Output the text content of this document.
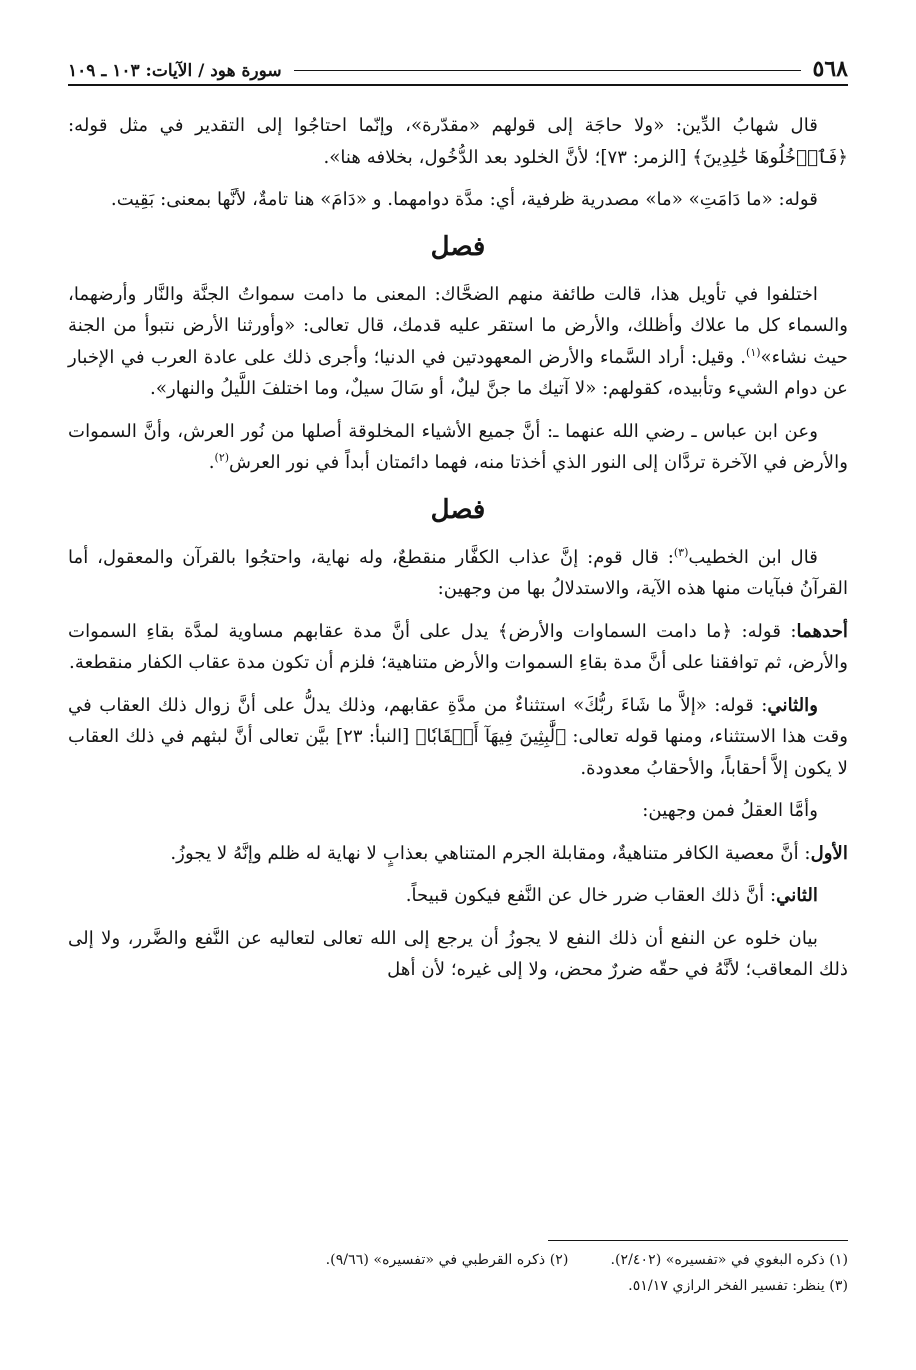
٥٦٨
سورة هود / الآيات: ١٠٣ ـ ١٠٩

قال شهابُ الدِّين: «ولا حاجَة إلى قولهم «مقدّرة»، وإنّما احتاجُوا إلى التقدير في مثل قوله: ﴿فَٱدۡخُلُوهَا خَٰلِدِينَ﴾ [الزمر: ٧٣]؛ لأنَّ الخلود بعد الدُّخُول، بخلافه هنا».

قوله: «ما دَامَتِ» «ما» مصدرية ظرفية، أي: مدَّة دوامهما. و «دَامَ» هنا تامةٌ، لأنَّها بمعنى: بَقِيت.

فصل

اختلفوا في تأويل هذا، قالت طائفة منهم الضحَّاك: المعنى ما دامت سمواتُ الجنَّة والنَّار وأرضهما، والسماء كل ما علاك وأظلك، والأرض ما استقر عليه قدمك، قال تعالى: «وأورثنا الأرض نتبوأ من الجنة حيث نشاء»$^{(١)}$. وقيل: أراد السَّماء والأرض المعهودتين في الدنيا؛ وأجرى ذلك على عادة العرب في الإخبار عن دوام الشيء وتأبيده، كقولهم: «لا آتيك ما جنَّ ليلٌ، أو سَالَ سيلٌ، وما اختلفَ اللَّيلُ والنهار».

وعن ابن عباس ـ رضي الله عنهما ـ: أنَّ جميع الأشياء المخلوقة أصلها من نُور العرش، وأنَّ السموات والأرض في الآخرة تردَّان إلى النور الذي أخذتا منه، فهما دائمتان أبداً في نور العرش$^{(٢)}$.

فصل

قال ابن الخطيب$^{(٣)}$: قال قوم: إنَّ عذاب الكفَّار منقطعٌ، وله نهاية، واحتجُوا بالقرآن والمعقول، أما القرآنُ فبآيات منها هذه الآية، والاستدلالُ بها من وجهين:

أحدهما: قوله: ﴿ما دامت السماوات والأرض﴾ يدل على أنَّ مدة عقابهم مساوية لمدَّة بقاءِ السموات والأرض، ثم توافقنا على أنَّ مدة بقاءِ السموات والأرض متناهية؛ فلزم أن تكون مدة عقاب الكفار منقطعة.

والثاني: قوله: «إلاَّ ما شَاءَ ربُّكَ» استثناءٌ من مدَّةِ عقابهم، وذلك يدلُّ على أنَّ زوال ذلك العقاب في وقت هذا الاستثناء، ومنها قوله تعالى: ﴿لَّٰبِثِينَ فِيهَآ أَحۡقَابٗا﴾ [النبأ: ٢٣] بيَّن تعالى أنَّ لبثهم في ذلك العقاب لا يكون إلاَّ أحقاباً، والأحقابُ معدودة.

وأمَّا العقلُ فمن وجهين:

الأول: أنَّ معصية الكافر متناهيةٌ، ومقابلة الجرم المتناهي بعذابٍ لا نهاية له ظلم وإنَّهُ لا يجوزُ.

الثاني: أنَّ ذلك العقاب ضرر خال عن النَّفع فيكون قبيحاً.

بيان خلوه عن النفع أن ذلك النفع لا يجوزُ أن يرجع إلى الله تعالى لتعاليه عن النَّفع والضَّرر، ولا إلى ذلك المعاقب؛ لأنَّهُ في حقّه ضررٌ محض، ولا إلى غيره؛ لأن أهل

(١) ذكره البغوي في «تفسيره» (٢/٤٠٢).
(٢) ذكره القرطبي في «تفسيره» (٩/٦٦).
(٣) ينظر: تفسير الفخر الرازي ٥١/١٧.
